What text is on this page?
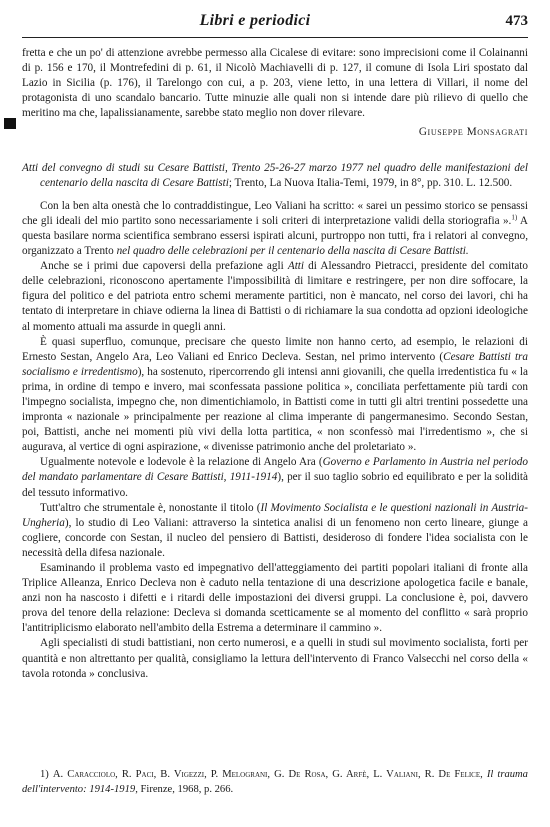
Libri e periodici	473

fretta e che un po' di attenzione avrebbe permesso alla Cicalese di evitare: sono imprecisioni come il Colainanni di p. 156 e 170, il Montrefedini di p. 61, il Nicolò Machiavelli di p. 127, il comune di Isola Liri spostato dal Lazio in Sicilia (p. 176), il Tarelongo con cui, a p. 203, viene letto, in una lettera di Villari, il nome del protagonista di uno scandalo bancario. Tutte minuzie alle quali non si intende dare più rilievo di quello che meritino ma che, lapalissianamente, sarebbe stato meglio non dover rilevare.

Giuseppe Monsagrati

Atti del convegno di studi su Cesare Battisti, Trento 25-26-27 marzo 1977 nel quadro delle manifestazioni del centenario della nascita di Cesare Battisti; Trento, La Nuova Italia-Temi, 1979, in 8°, pp. 310. L. 12.500.

Con la ben alta onestà che lo contraddistingue, Leo Valiani ha scritto: « sarei un pessimo storico se pensassi che gli ideali del mio partito sono necessariamente i soli criteri di interpretazione validi della storiografia ».$^{1)}$ A questa basilare norma scientifica sembrano essersi ispirati alcuni, purtroppo non tutti, fra i relatori al convegno, organizzato a Trento nel quadro delle celebrazioni per il centenario della nascita di Cesare Battisti.

Anche se i primi due capoversi della prefazione agli Atti di Alessandro Pietracci, presidente del comitato delle celebrazioni, riconoscono apertamente l'impossibilità di limitare e restringere, per non dire soffocare, la figura del politico e del patriota entro schemi meramente partitici, non è mancato, nel corso dei lavori, chi ha tentato di interpretare in chiave odierna la linea di Battisti o di richiamare la sua condotta ad opzioni ideologiche al momento attuali ma assurde in quegli anni.

È quasi superfluo, comunque, precisare che questo limite non hanno certo, ad esempio, le relazioni di Ernesto Sestan, Angelo Ara, Leo Valiani ed Enrico Decleva. Sestan, nel primo intervento (Cesare Battisti tra socialismo e irredentismo), ha sostenuto, ripercorrendo gli intensi anni giovanili, che quella irredentistica fu « la prima, in ordine di tempo e invero, mai sconfessata passione politica », conciliata perfettamente più tardi con l'impegno socialista, impegno che, non dimentichiamolo, in Battisti come in tutti gli altri trentini possedette una impronta « nazionale » principalmente per reazione al clima imperante di pangermanesimo. Secondo Sestan, poi, Battisti, anche nei momenti più vivi della lotta partitica, « non sconfessò mai l'irredentismo », che si augurava, al vertice di ogni aspirazione, « divenisse patrimonio anche del proletariato ».

Ugualmente notevole e lodevole è la relazione di Angelo Ara (Governo e Parlamento in Austria nel periodo del mandato parlamentare di Cesare Battisti, 1911-1914), per il suo taglio sobrio ed equilibrato e per la solidità del tessuto informativo.

Tutt'altro che strumentale è, nonostante il titolo (Il Movimento Socialista e le questioni nazionali in Austria-Ungheria), lo studio di Leo Valiani: attraverso la sintetica analisi di un fenomeno non certo lineare, giunge a cogliere, concorde con Sestan, il nucleo del pensiero di Battisti, desideroso di fondere l'idea socialista con le necessità della difesa nazionale.

Esaminando il problema vasto ed impegnativo dell'atteggiamento dei partiti popolari italiani di fronte alla Triplice Alleanza, Enrico Decleva non è caduto nella tentazione di una descrizione apologetica facile e banale, anzi non ha nascosto i difetti e i ritardi delle impostazioni dei diversi gruppi. La conclusione è, poi, davvero prova del tenore della relazione: Decleva si domanda scetticamente se al momento del conflitto « sarà proprio l'antitriplicismo elaborato nell'ambito della Estrema a determinare il cammino ».

Agli specialisti di studi battistiani, non certo numerosi, e a quelli in studi sul movimento socialista, forti per quantità e non altrettanto per qualità, consigliamo la lettura dell'intervento di Franco Valsecchi nel corso della « tavola rotonda » conclusiva.

1) A. Caracciolo, R. Paci, B. Vigezzi, P. Melograni, G. De Rosa, G. Arfè, L. Valiani, R. De Felice, Il trauma dell'intervento: 1914-1919, Firenze, 1968, p. 266.
